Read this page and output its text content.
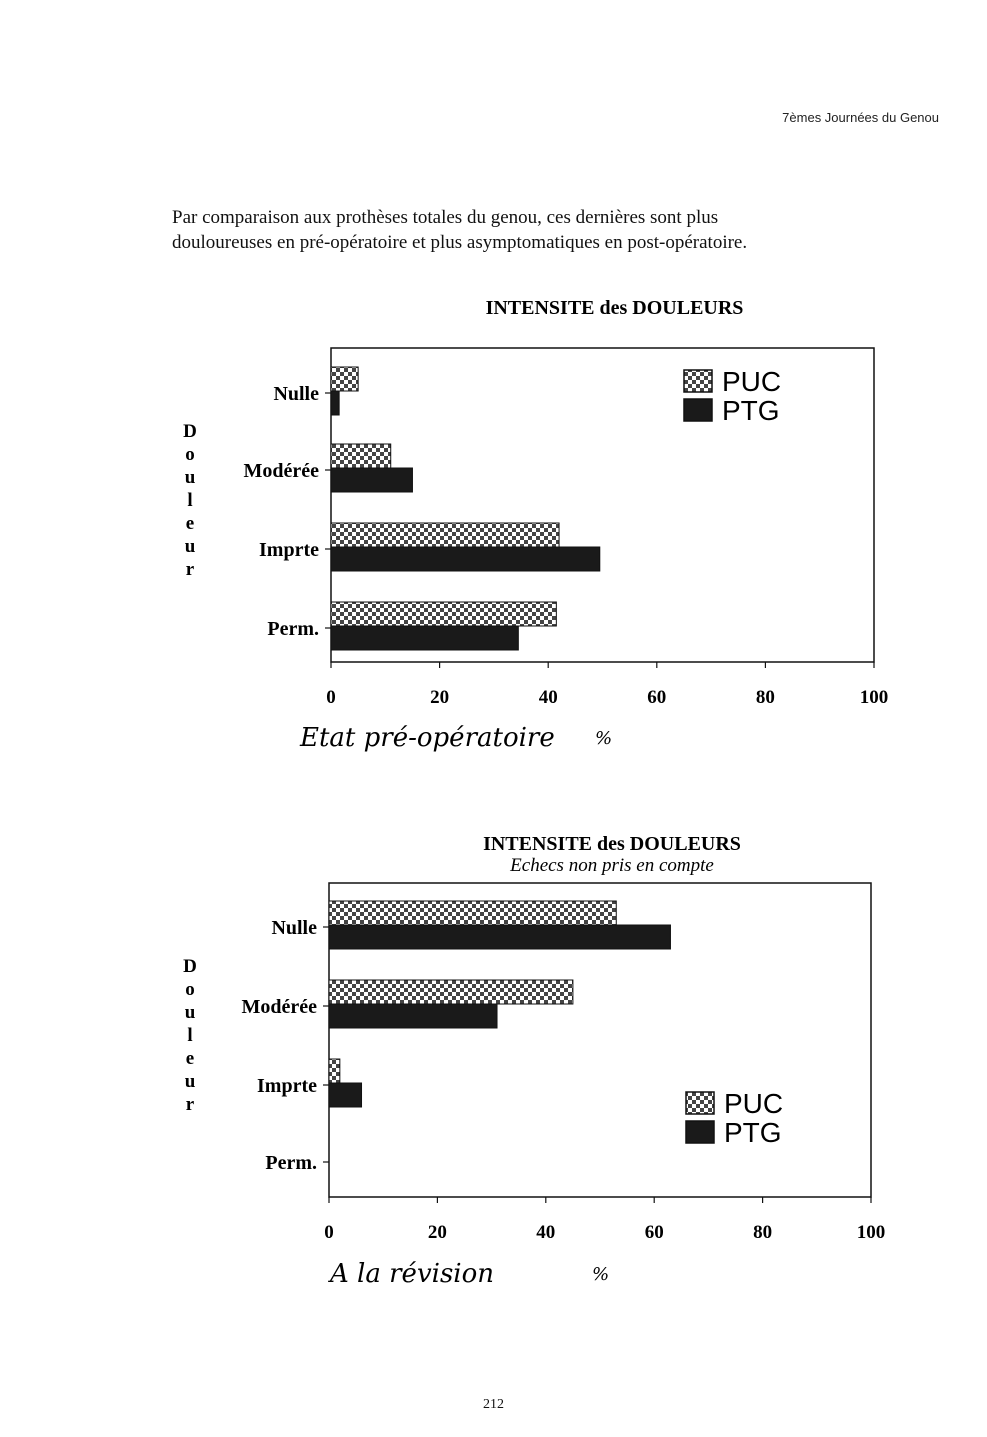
7èmes Journées du Genou
Par comparaison aux prothèses totales du genou, ces dernières sont plus
douloureuses en pré-opératoire et plus asymptomatiques en post-opératoire.
INTENSITE des DOULEURS
Nulle
Modérée
Imprte
Perm.
0	20	40	60	80	100
D
o
u
l
e
u
r
Etat pré-opératoire %
PUC
PTG
INTENSITE des DOULEURS
Echecs non pris en compte
Nulle
Modérée
Imprte
Perm.
0	20	40	60	80	100
D
o
u
l
e
u
r
A la révision	%
PUC
PTG
212
